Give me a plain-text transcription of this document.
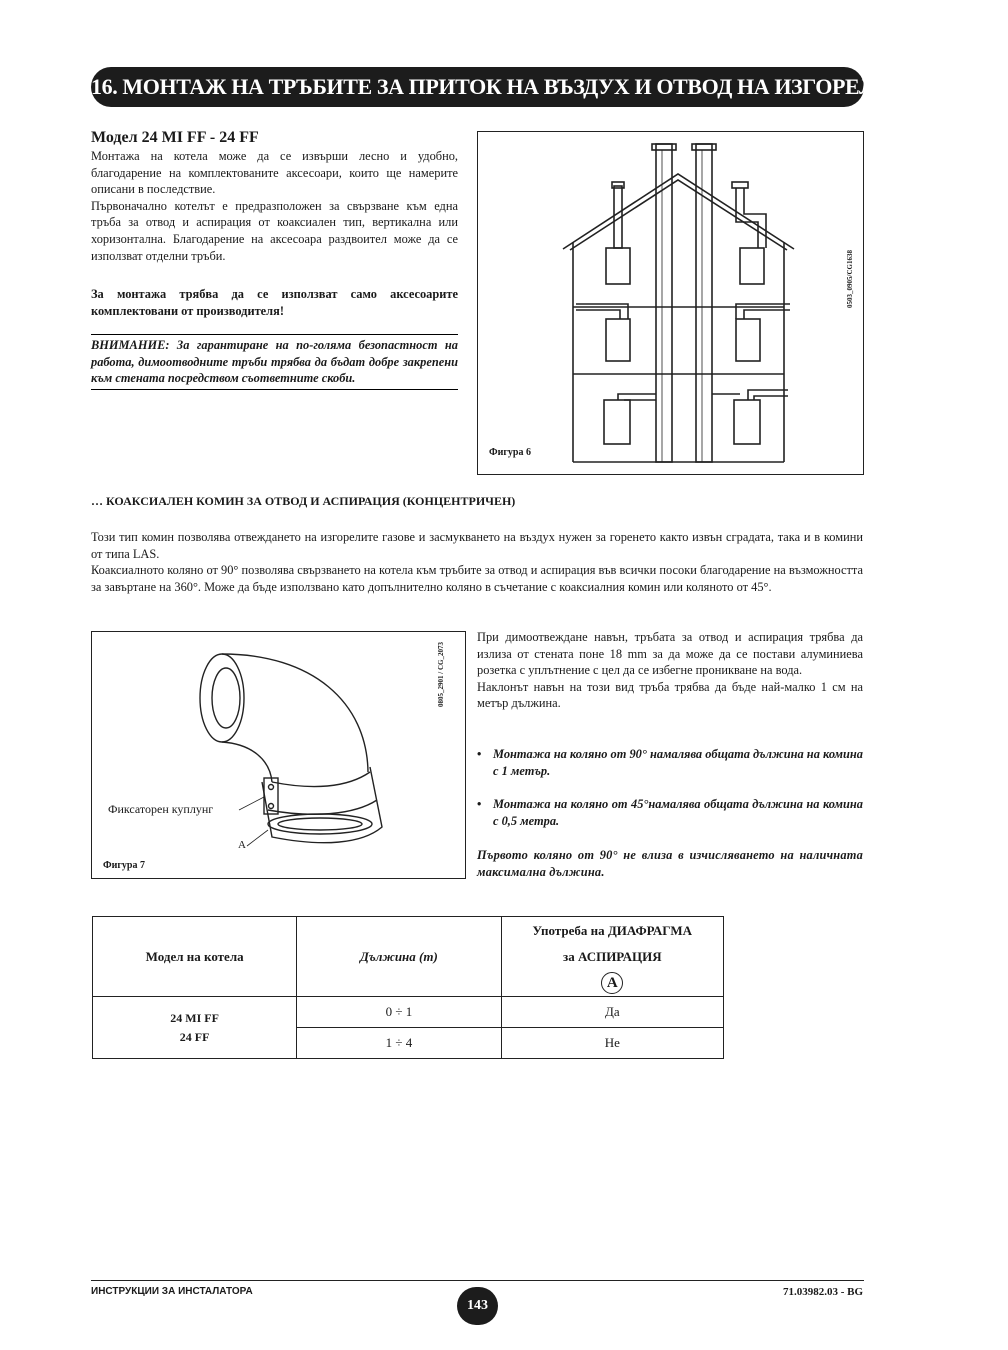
16. МОНТАЖ НА ТРЪБИТЕ ЗА ПРИТОК НА ВЪЗДУХ И ОТВОД НА ИЗГОРЕЛИТЕ ГАЗОВЕ
Модел 24 MI FF - 24 FF

Монтажа на котела може да се извърши лесно и удобно, благодарение на комплектованите аксесоари, които ще намерите описани в последствие.

Първоначално котелът е предразположен за свързване към една тръба за отвод и аспирация от коаксиален тип, вертикална или хоризонтална. Благодарение на аксесоара раздвоител може да се използват отделни тръби.

За монтажа трябва да се използват само аксесоарите комплектовани от производителя!
ВНИМАНИЕ: За гарантиране на по-голяма безопастност на работа, димоотводните тръби трябва да бъдат добре закрепени към стената посредством съответните скоби.
0503_0905/CG1638
Фигура 6
… КОАКСИАЛЕН КОМИН ЗА ОТВОД И АСПИРАЦИЯ (КОНЦЕНТРИЧЕН)

Този тип комин позволява отвеждането на изгорелите газове и засмукването на въздух нужен за горенето както извън сградата, така и в комини от типа LAS.

Коаксиалното коляно от 90° позволява свързването на котела към тръбите за отвод и аспирация във всички посоки благодарение на възможността за завъртане на 360°. Може да бъде използвано като допълнително коляно в съчетание с коаксиалния комин или коляното от 45°.

0805_2901 / CG_2073
Фиксаторен куплунг
A
Фигура 7

При димоотвеждане навън, тръбата за отвод и аспирация трябва да излиза от стената поне 18 mm за да може да се постави алуминиева розетка с уплътнение с цел да се избегне проникване на вода.

Наклонът навън на този вид тръба трябва да бъде най-малко 1 см на метър дължина.

• Монтажа на коляно от 90° намалява общата дължина на комина с 1 метър.
• Монтажа на коляно от 45°намалява общата дължина на комина с 0,5 метра.
Първото коляно от 90° не влиза в изчисляването на наличната максимална дължина.
Модел на котела	Дължина (m)	Употреба на ДИАФРАГМА
за АСПИРАЦИЯ
A

24 MI FF
24 FF	0 ÷ 1	Да
	1 ÷ 4	Не
ИНСТРУКЦИИ ЗА ИНСТАЛАТОРА
143
71.03982.03 - BG
